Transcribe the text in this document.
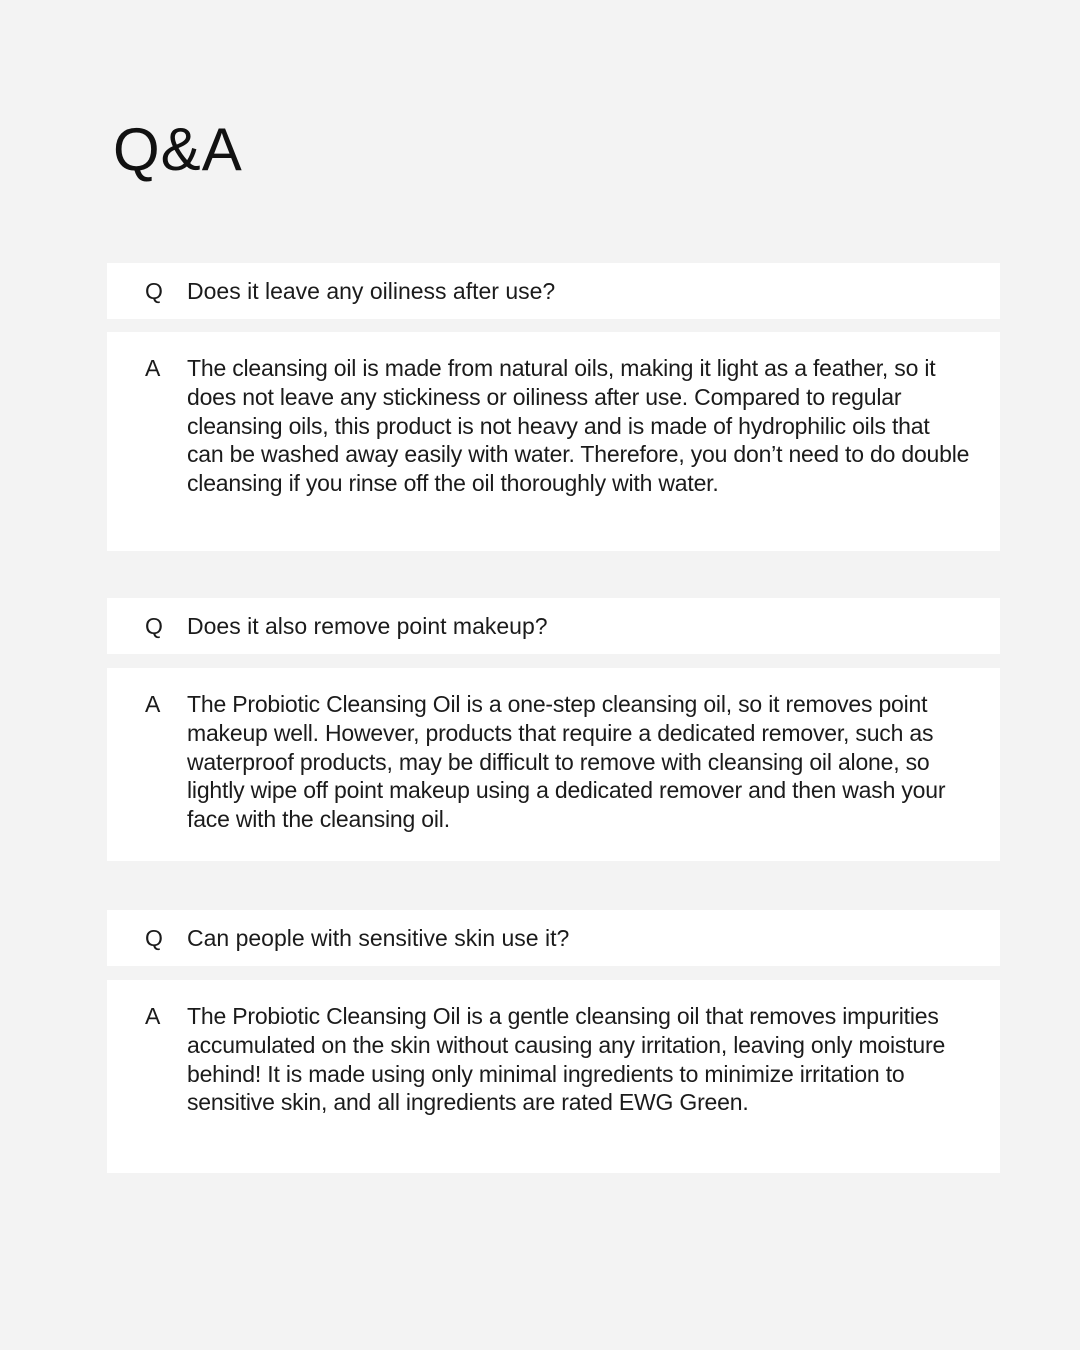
Q&A
Q Does it leave any oiliness after use?
A The cleansing oil is made from natural oils, making it light as a feather, so it does not leave any stickiness or oiliness after use. Compared to regular cleansing oils, this product is not heavy and is made of hydrophilic oils that can be washed away easily with water. Therefore, you don’t need to do double cleansing if you rinse off the oil thoroughly with water.
Q Does it also remove point makeup?
A The Probiotic Cleansing Oil is a one-step cleansing oil, so it removes point makeup well. However, products that require a dedicated remover, such as waterproof products, may be difficult to remove with cleansing oil alone, so lightly wipe off point makeup using a dedicated remover and then wash your face with the cleansing oil.
Q Can people with sensitive skin use it?
A The Probiotic Cleansing Oil is a gentle cleansing oil that removes impurities accumulated on the skin without causing any irritation, leaving only moisture behind! It is made using only minimal ingredients to minimize irritation to sensitive skin, and all ingredients are rated EWG Green.
